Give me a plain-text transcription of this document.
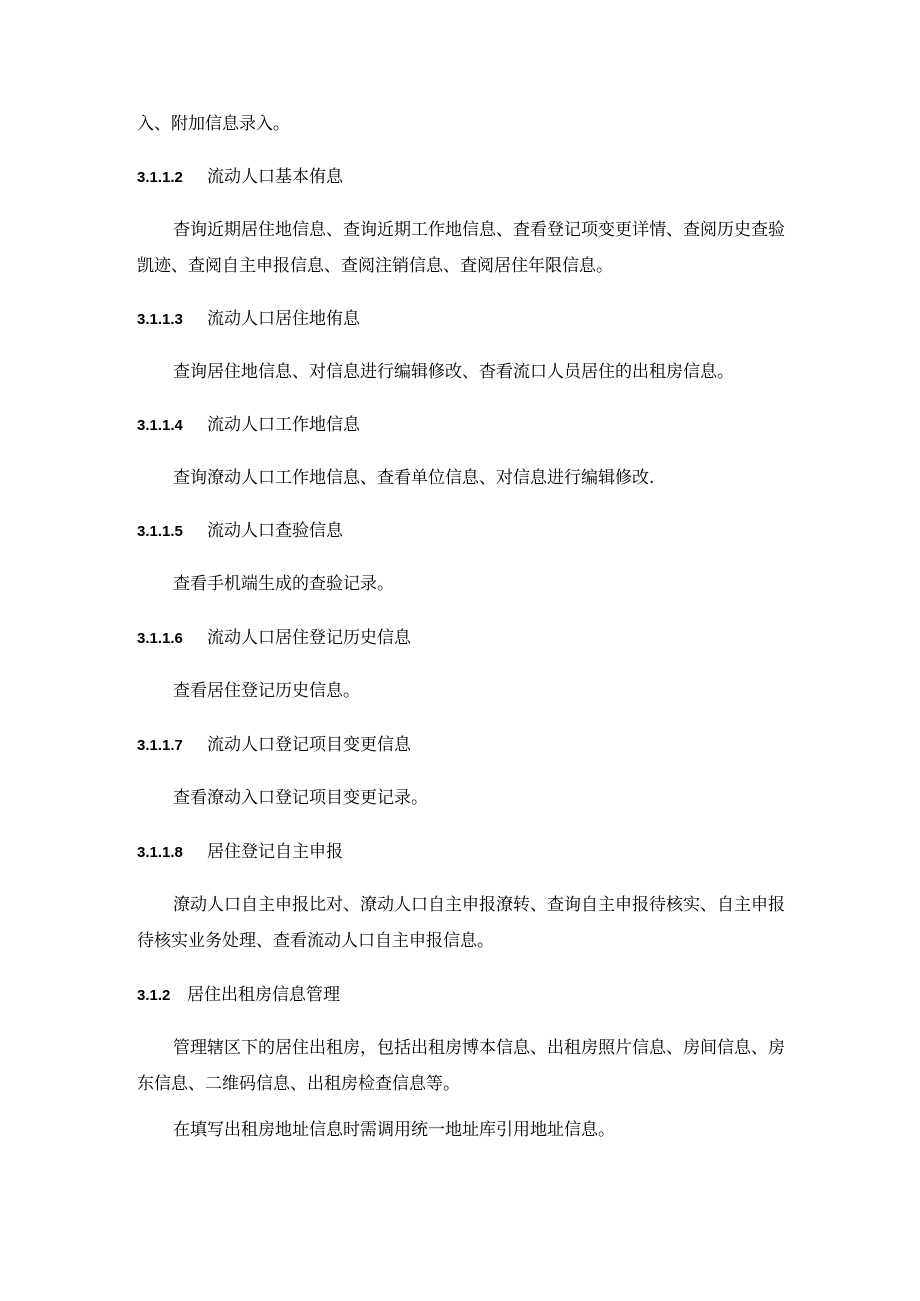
入、附加信息录入。
3.1.1.2 流动人口基本侑息
杳询近期居住地信息、查询近期工作地信息、査看登记项变更详情、查阅历史查验
凯迹、查阅自主申报信息、查阅注销信息、査阅居住年限信息。
3.1.1.3 流动人口居住地侑息
查询居住地信息、对信息进行编辑修改、杳看流口人员居住的出租房信息。
3.1.1.4 流动人口工作地信息
查询潦动人口工作地信息、查看单位信息、对信息进行编辑修改.
3.1.1.5 流动人口查验信息
查看手机端生成的查验记录。
3.1.1.6 流动人口居住登记历史信息
查看居住登记历史信息。
3.1.1.7 流动人口登记项目变更信息
查看潦动入口登记项目变更记录。
3.1.1.8 居住登记自主申报
潦动人口自主申报比对、潦动人口自主申报潦转、查询自主申报待核实、自主申报
待核实业务处理、查看流动人口自主申报信息。
3.1.2 居住出租房信息管理
管理辖区下的居住出租房，包括出租房博本信息、出租房照片信息、房间信息、房
东信息、二维码信息、出租房检查信息等。
在填写出租房地址信息时需调用统一地址库引用地址信息。
